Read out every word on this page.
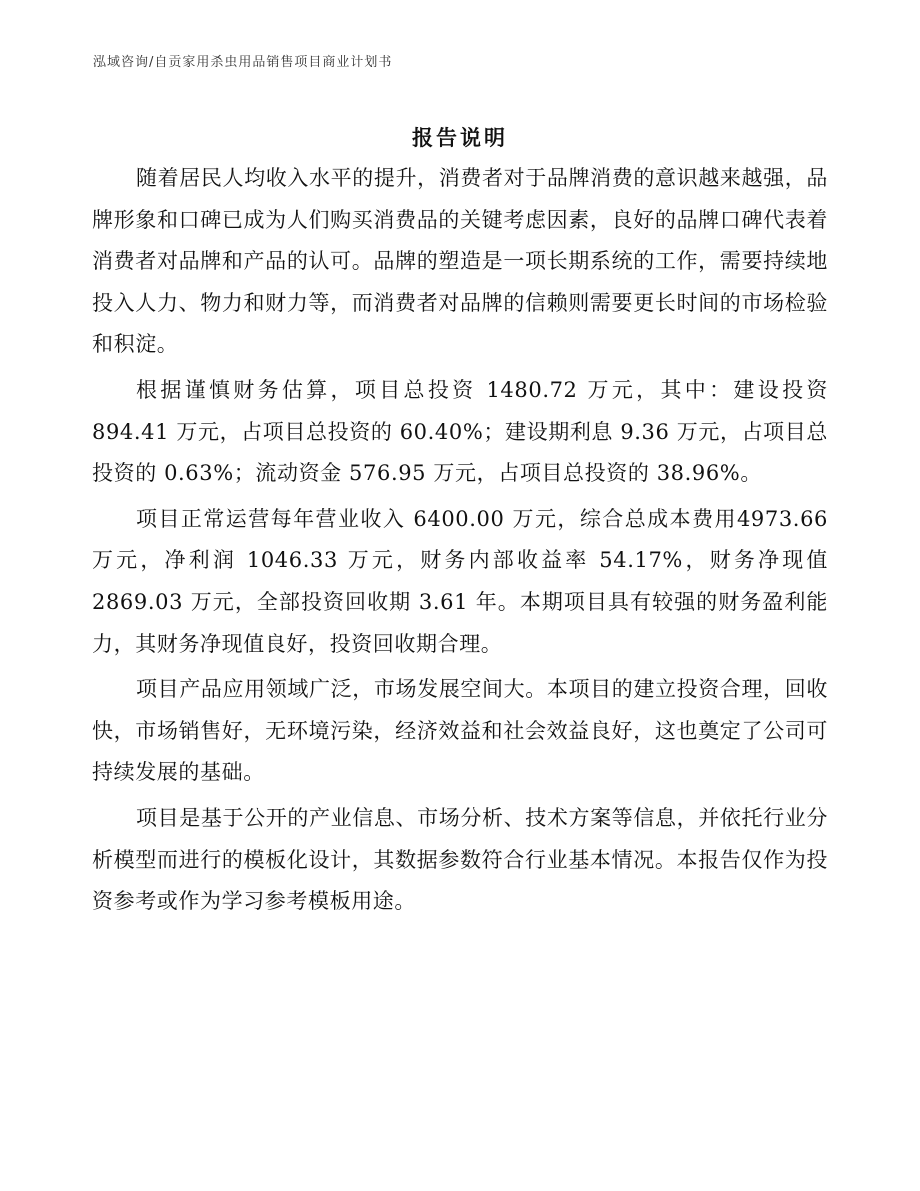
泓域咨询/自贡家用杀虫用品销售项目商业计划书
报告说明

随着居民人均收入水平的提升，消费者对于品牌消费的意识越来越强，品牌形象和口碑已成为人们购买消费品的关键考虑因素，良好的品牌口碑代表着消费者对品牌和产品的认可。品牌的塑造是一项长期系统的工作，需要持续地投入人力、物力和财力等，而消费者对品牌的信赖则需要更长时间的市场检验和积淀。

根据谨慎财务估算，项目总投资 1480.72 万元，其中：建设投资894.41 万元，占项目总投资的 60.40%；建设期利息 9.36 万元，占项目总投资的 0.63%；流动资金 576.95 万元，占项目总投资的 38.96%。

项目正常运营每年营业收入 6400.00 万元，综合总成本费用4973.66 万元，净利润 1046.33 万元，财务内部收益率 54.17%，财务净现值 2869.03 万元，全部投资回收期 3.61 年。本期项目具有较强的财务盈利能力，其财务净现值良好，投资回收期合理。

项目产品应用领域广泛，市场发展空间大。本项目的建立投资合理，回收快，市场销售好，无环境污染，经济效益和社会效益良好，这也奠定了公司可持续发展的基础。

项目是基于公开的产业信息、市场分析、技术方案等信息，并依托行业分析模型而进行的模板化设计，其数据参数符合行业基本情况。本报告仅作为投资参考或作为学习参考模板用途。
